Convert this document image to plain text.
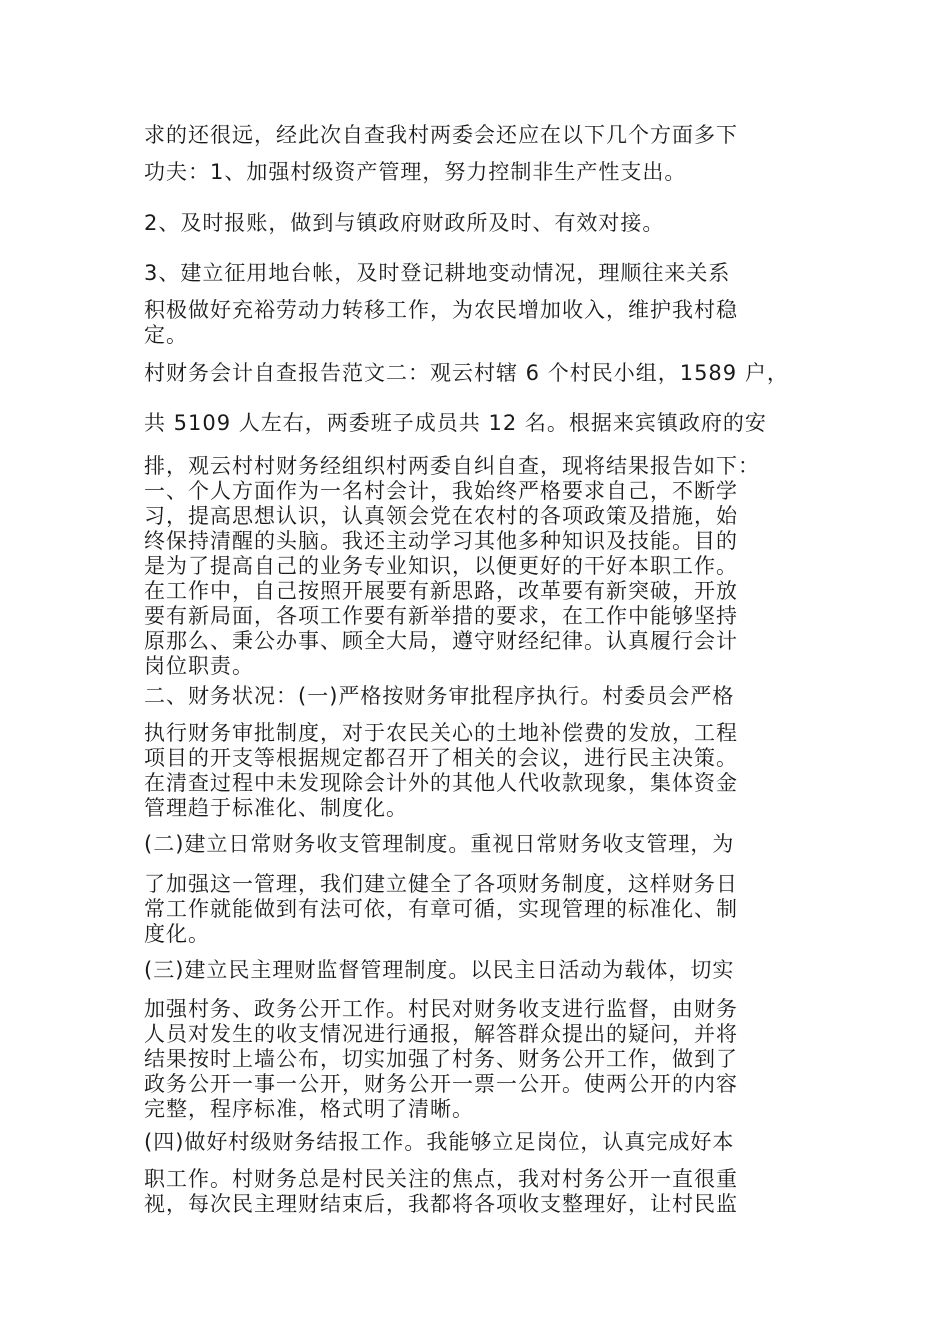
求的还很远，经此次自查我村两委会还应在以下几个方面多下
功夫：1、加强村级资产管理，努力控制非生产性支出。
2、及时报账，做到与镇政府财政所及时、有效对接。
3、建立征用地台帐，及时登记耕地变动情况，理顺往来关系
积极做好充裕劳动力转移工作，为农民增加收入，维护我村稳
定。
村财务会计自查报告范文二：观云村辖 6 个村民小组，1589 户，
共 5109 人左右，两委班子成员共 12 名。根据来宾镇政府的安
排，观云村村财务经组织村两委自纠自查，现将结果报告如下：
一、个人方面作为一名村会计，我始终严格要求自己，不断学
习，提高思想认识，认真领会党在农村的各项政策及措施，始
终保持清醒的头脑。我还主动学习其他多种知识及技能。目的
是为了提高自己的业务专业知识，以便更好的干好本职工作。
在工作中，自己按照开展要有新思路，改革要有新突破，开放
要有新局面，各项工作要有新举措的要求，在工作中能够坚持
原那么、秉公办事、顾全大局，遵守财经纪律。认真履行会计
岗位职责。
二、财务状况：(一)严格按财务审批程序执行。村委员会严格
执行财务审批制度，对于农民关心的土地补偿费的发放，工程
项目的开支等根据规定都召开了相关的会议，进行民主决策。
在清查过程中未发现除会计外的其他人代收款现象，集体资金
管理趋于标准化、制度化。
(二)建立日常财务收支管理制度。重视日常财务收支管理，为
了加强这一管理，我们建立健全了各项财务制度，这样财务日
常工作就能做到有法可依，有章可循，实现管理的标准化、制
度化。
(三)建立民主理财监督管理制度。以民主日活动为载体，切实
加强村务、政务公开工作。村民对财务收支进行监督，由财务
人员对发生的收支情况进行通报，解答群众提出的疑问，并将
结果按时上墙公布，切实加强了村务、财务公开工作，做到了
政务公开一事一公开，财务公开一票一公开。使两公开的内容
完整，程序标准，格式明了清晰。
(四)做好村级财务结报工作。我能够立足岗位，认真完成好本
职工作。村财务总是村民关注的焦点，我对村务公开一直很重
视，每次民主理财结束后，我都将各项收支整理好，让村民监
